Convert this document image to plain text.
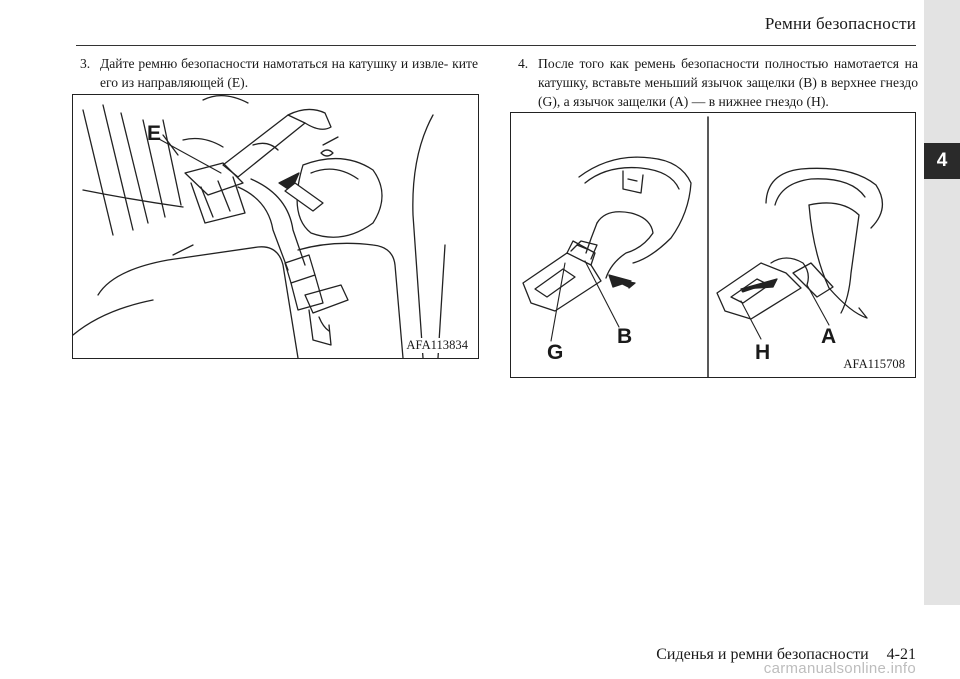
4
Ремни безопасности
3. Дайте ремню безопасности намотаться на катушку и извле- ките его из направляющей (E).
4. После того как ремень безопасности полностью намотается на катушку, вставьте меньший язычок защелки (B) в верхнее гнездо (G), а язычок защелки (A) — в нижнее гнездо (H).
E
AFA113834	G
B
H
A
AFA115708
Сиденья и ремни безопасности 4-21
carmanualsonline.info
